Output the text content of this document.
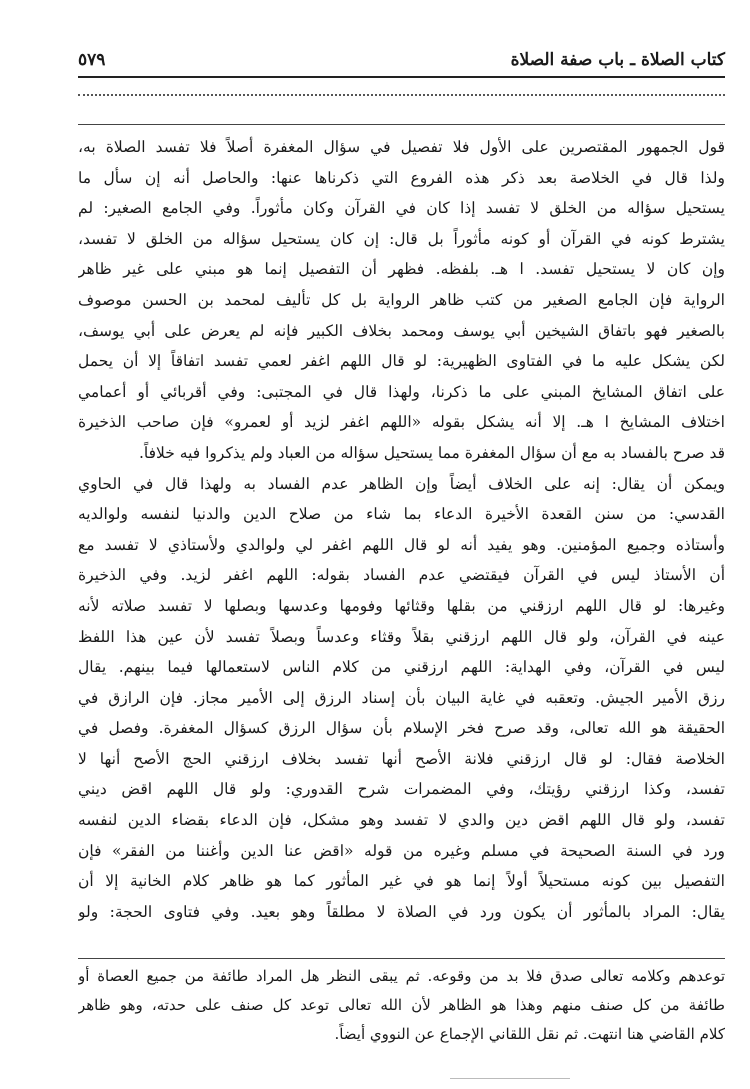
كتاب الصلاة ـ باب صفة الصلاة
٥٧٩
قول الجمهور المقتصرين على الأول فلا تفصيل في سؤال المغفرة أصلاً فلا تفسد الصلاة به،
ولذا قال في الخلاصة بعد ذكر هذه الفروع التي ذكرناها عنها: والحاصل أنه إن سأل ما
يستحيل سؤاله من الخلق لا تفسد إذا كان في القرآن وكان مأثوراً. وفي الجامع الصغير: لم
يشترط كونه في القرآن أو كونه مأثوراً بل قال: إن كان يستحيل سؤاله من الخلق لا تفسد،
وإن كان لا يستحيل تفسد. ا هـ. بلفظه. فظهر أن التفصيل إنما هو مبني على غير ظاهر
الرواية فإن الجامع الصغير من كتب ظاهر الرواية بل كل تأليف لمحمد بن الحسن موصوف
بالصغير فهو باتفاق الشيخين أبي يوسف ومحمد بخلاف الكبير فإنه لم يعرض على أبي يوسف،
لكن يشكل عليه ما في الفتاوى الظهيرية: لو قال اللهم اغفر لعمي تفسد اتفاقاً إلا أن يحمل
على اتفاق المشايخ المبني على ما ذكرنا، ولهذا قال في المجتبى: وفي أقربائي أو أعمامي
اختلاف المشايخ ا هـ. إلا أنه يشكل بقوله «اللهم اغفر لزيد أو لعمرو» فإن صاحب الذخيرة
قد صرح بالفساد به مع أن سؤال المغفرة مما يستحيل سؤاله من العباد ولم يذكروا فيه خلافاً.
ويمكن أن يقال: إنه على الخلاف أيضاً وإن الظاهر عدم الفساد به ولهذا قال في الحاوي
القدسي: من سنن القعدة الأخيرة الدعاء بما شاء من صلاح الدين والدنيا لنفسه ولوالديه
وأستاذه وجميع المؤمنين. وهو يفيد أنه لو قال اللهم اغفر لي ولوالدي ولأستاذي لا تفسد مع
أن الأستاذ ليس في القرآن فيقتضي عدم الفساد بقوله: اللهم اغفر لزيد. وفي الذخيرة
وغيرها: لو قال اللهم ارزقني من بقلها وقثائها وفومها وعدسها وبصلها لا تفسد صلاته لأنه
عينه في القرآن، ولو قال اللهم ارزقني بقلاً وقثاء وعدساً وبصلاً تفسد لأن عين هذا اللفظ
ليس في القرآن، وفي الهداية: اللهم ارزقني من كلام الناس لاستعمالها فيما بينهم. يقال
رزق الأمير الجيش. وتعقبه في غاية البيان بأن إسناد الرزق إلى الأمير مجاز. فإن الرازق في
الحقيقة هو الله تعالى، وقد صرح فخر الإسلام بأن سؤال الرزق كسؤال المغفرة. وفصل في
الخلاصة فقال: لو قال ارزقني فلانة الأصح أنها تفسد بخلاف ارزقني الحج الأصح أنها لا
تفسد، وكذا ارزقني رؤيتك، وفي المضمرات شرح القدوري: ولو قال اللهم اقض ديني
تفسد، ولو قال اللهم اقض دين والدي لا تفسد وهو مشكل، فإن الدعاء بقضاء الدين لنفسه
ورد في السنة الصحيحة في مسلم وغيره من قوله «اقض عنا الدين وأغننا من الفقر» فإن
التفصيل بين كونه مستحيلاً أولاً إنما هو في غير المأثور كما هو ظاهر كلام الخانية إلا أن
يقال: المراد بالمأثور أن يكون ورد في الصلاة لا مطلقاً وهو بعيد. وفي فتاوى الحجة: ولو
توعدهم وكلامه تعالى صدق فلا بد من وقوعه. ثم يبقى النظر هل المراد طائفة من جميع العصاة أو
طائفة من كل صنف منهم وهذا هو الظاهر لأن الله تعالى توعد كل صنف على حدته، وهو ظاهر
كلام القاضي هنا انتهت. ثم نقل اللقاني الإجماع عن النووي أيضاً.
